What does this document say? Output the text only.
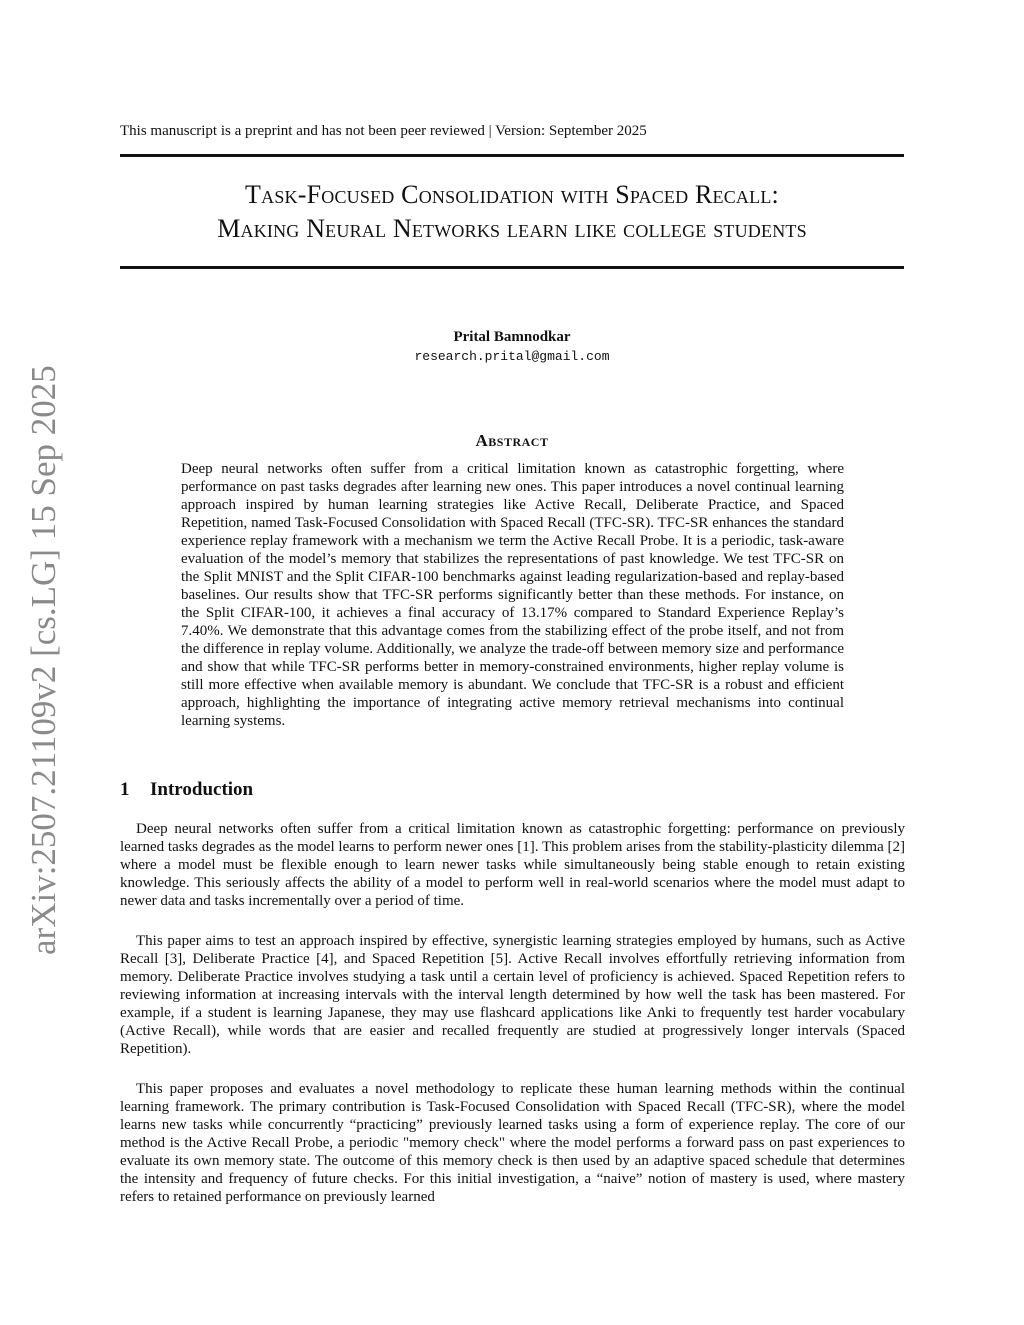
arXiv:2507.21109v2 [cs.LG] 15 Sep 2025
This manuscript is a preprint and has not been peer reviewed | Version: September 2025
Task-Focused Consolidation with Spaced Recall:
Making Neural Networks learn like college students
Prital Bamnodkar
research.prital@gmail.com
Abstract

Deep neural networks often suffer from a critical limitation known as catastrophic forgetting, where performance on past tasks degrades after learning new ones. This paper introduces a novel continual learning approach inspired by human learning strategies like Active Recall, Deliberate Practice, and Spaced Repetition, named Task-Focused Consolidation with Spaced Recall (TFC-SR). TFC-SR enhances the standard experience replay framework with a mechanism we term the Active Recall Probe. It is a periodic, task-aware evaluation of the model’s memory that stabilizes the representations of past knowledge. We test TFC-SR on the Split MNIST and the Split CIFAR-100 benchmarks against leading regularization-based and replay-based baselines. Our results show that TFC-SR performs significantly better than these methods. For instance, on the Split CIFAR-100, it achieves a final accuracy of 13.17% compared to Standard Experience Replay’s 7.40%. We demonstrate that this advantage comes from the stabilizing effect of the probe itself, and not from the difference in replay volume. Additionally, we analyze the trade-off between memory size and performance and show that while TFC-SR performs better in memory-constrained environments, higher replay volume is still more effective when available memory is abundant. We conclude that TFC-SR is a robust and efficient approach, highlighting the importance of integrating active memory retrieval mechanisms into continual learning systems.

1 Introduction

Deep neural networks often suffer from a critical limitation known as catastrophic forgetting: performance on previously learned tasks degrades as the model learns to perform newer ones [1]. This problem arises from the stability-plasticity dilemma [2] where a model must be flexible enough to learn newer tasks while simultaneously being stable enough to retain existing knowledge. This seriously affects the ability of a model to perform well in real-world scenarios where the model must adapt to newer data and tasks incrementally over a period of time.

This paper aims to test an approach inspired by effective, synergistic learning strategies employed by humans, such as Active Recall [3], Deliberate Practice [4], and Spaced Repetition [5]. Active Recall involves effortfully retrieving information from memory. Deliberate Practice involves studying a task until a certain level of proficiency is achieved. Spaced Repetition refers to reviewing information at increasing intervals with the interval length determined by how well the task has been mastered. For example, if a student is learning Japanese, they may use flashcard applications like Anki to frequently test harder vocabulary (Active Recall), while words that are easier and recalled frequently are studied at progressively longer intervals (Spaced Repetition).

This paper proposes and evaluates a novel methodology to replicate these human learning methods within the continual learning framework. The primary contribution is Task-Focused Consolidation with Spaced Recall (TFC-SR), where the model learns new tasks while concurrently “practicing” previously learned tasks using a form of experience replay. The core of our method is the Active Recall Probe, a periodic "memory check" where the model performs a forward pass on past experiences to evaluate its own memory state. The outcome of this memory check is then used by an adaptive spaced schedule that determines the intensity and frequency of future checks. For this initial investigation, a “naive” notion of mastery is used, where mastery refers to retained performance on previously learned
